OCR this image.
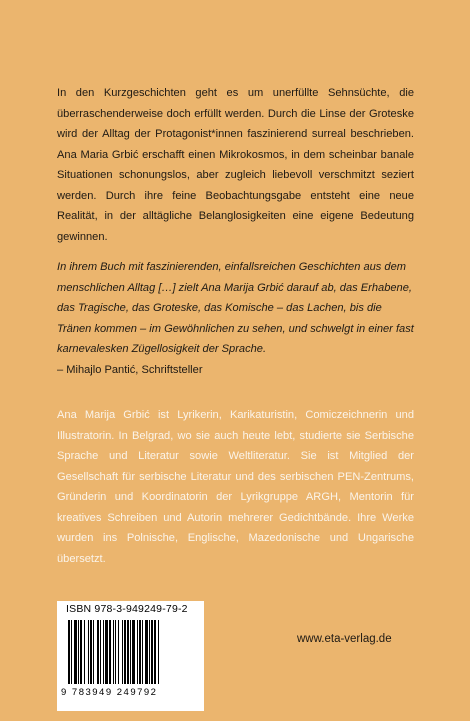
In den Kurzgeschichten geht es um unerfüllte Sehnsüchte, die überraschenderweise doch erfüllt werden. Durch die Linse der Groteske wird der Alltag der Protagonist*innen faszinierend surreal beschrieben. Ana Maria Grbić erschafft einen Mikrokosmos, in dem scheinbar banale Situationen schonungslos, aber zugleich liebevoll verschmitzt seziert werden. Durch ihre feine Beobachtungsgabe entsteht eine neue Realität, in der alltägliche Belanglosigkeiten eine eigene Bedeutung gewinnen.

In ihrem Buch mit faszinierenden, einfallsreichen Geschichten aus dem menschlichen Alltag […] zielt Ana Marija Grbić darauf ab, das Erhabene, das Tragische, das Groteske, das Komische – das Lachen, bis die Tränen kommen – im Gewöhnlichen zu sehen, und schwelgt in einer fast karnevalesken Zügellosigkeit der Sprache.

– Mihajlo Pantić, Schriftsteller

Ana Marija Grbić ist Lyrikerin, Karikaturistin, Comiczeichnerin und Illustratorin. In Belgrad, wo sie auch heute lebt, studierte sie Serbische Sprache und Literatur sowie Weltliteratur. Sie ist Mitglied der Gesellschaft für serbische Literatur und des serbischen PEN-Zentrums, Gründerin und Koordinatorin der Lyrikgruppe ARGH, Mentorin für kreatives Schreiben und Autorin mehrerer Gedichtbände. Ihre Werke wurden ins Polnische, Englische, Mazedonische und Ungarische übersetzt.

ISBN 978-3-949249-79-2
9 783949 249792
www.eta-verlag.de
